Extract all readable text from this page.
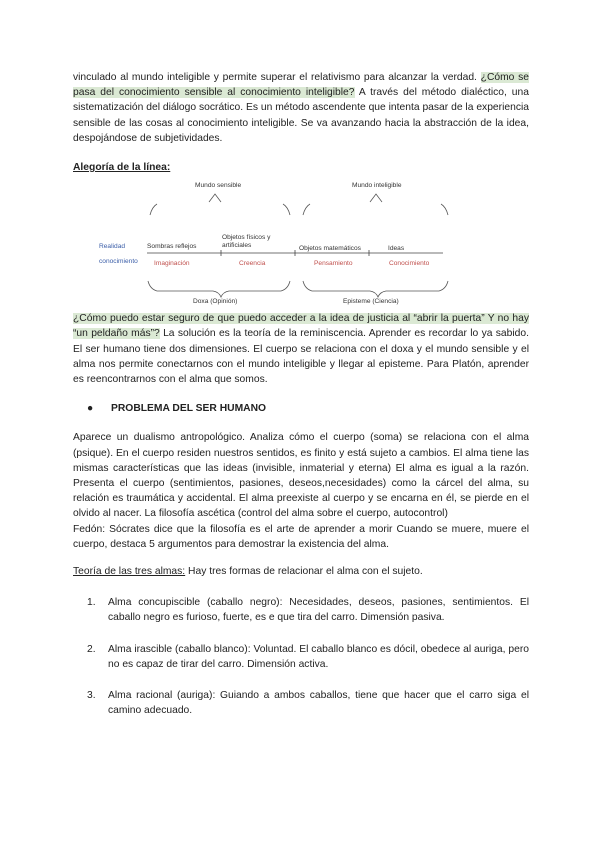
vinculado al mundo inteligible y permite superar el relativismo para alcanzar la verdad. ¿Cómo se pasa del conocimiento sensible al conocimiento inteligible? A través del método dialéctico, una sistematización del diálogo socrático. Es un método ascendente que intenta pasar de la experiencia sensible de las cosas al conocimiento inteligible. Se va avanzando hacia la abstracción de la idea, despojándose de subjetividades.

Alegoría de la línea:
Mundo sensible	Mundo inteligible
Realidad
conocimiento
Sombras reflejos
Objetos físicos y
artificiales	Objetos matemáticos	Ideas
Imaginación	Creencia	Pensamiento	Conocimiento
Doxa (Opinión)	Episteme (Ciencia)

¿Cómo puedo estar seguro de que puedo acceder a la idea de justicia al “abrir la puerta” Y no hay “un peldaño más”? La solución es la teoría de la reminiscencia. Aprender es recordar lo ya sabido. El ser humano tiene dos dimensiones. El cuerpo se relaciona con el doxa y el mundo sensible y el alma nos permite conectarnos con el mundo inteligible y llegar al episteme. Para Platón, aprender es reencontrarnos con el alma que somos.

●	PROBLEMA DEL SER HUMANO

Aparece un dualismo antropológico. Analiza cómo el cuerpo (soma) se relaciona con el alma (psique). En el cuerpo residen nuestros sentidos, es finito y está sujeto a cambios. El alma tiene las mismas características que las ideas (invisible, inmaterial y eterna) El alma es igual a la razón. Presenta el cuerpo (sentimientos, pasiones, deseos,necesidades) como la cárcel del alma, su relación es traumática y accidental. El alma preexiste al cuerpo y se encarna en él, se pierde en el olvido al nacer. La filosofía ascética (control del alma sobre el cuerpo, autocontrol)

Fedón: Sócrates dice que la filosofía es el arte de aprender a morir Cuando se muere, muere el cuerpo, destaca 5 argumentos para demostrar la existencia del alma.

Teoría de las tres almas: Hay tres formas de relacionar el alma con el sujeto.

1.	Alma concupiscible (caballo negro): Necesidades, deseos, pasiones, sentimientos. El caballo negro es furioso, fuerte, es e que tira del carro. Dimensión pasiva.
2.	Alma irascible (caballo blanco): Voluntad. El caballo blanco es dócil, obedece al auriga, pero no es capaz de tirar del carro. Dimensión activa.
3.	Alma racional (auriga): Guiando a ambos caballos, tiene que hacer que el carro siga el camino adecuado.
